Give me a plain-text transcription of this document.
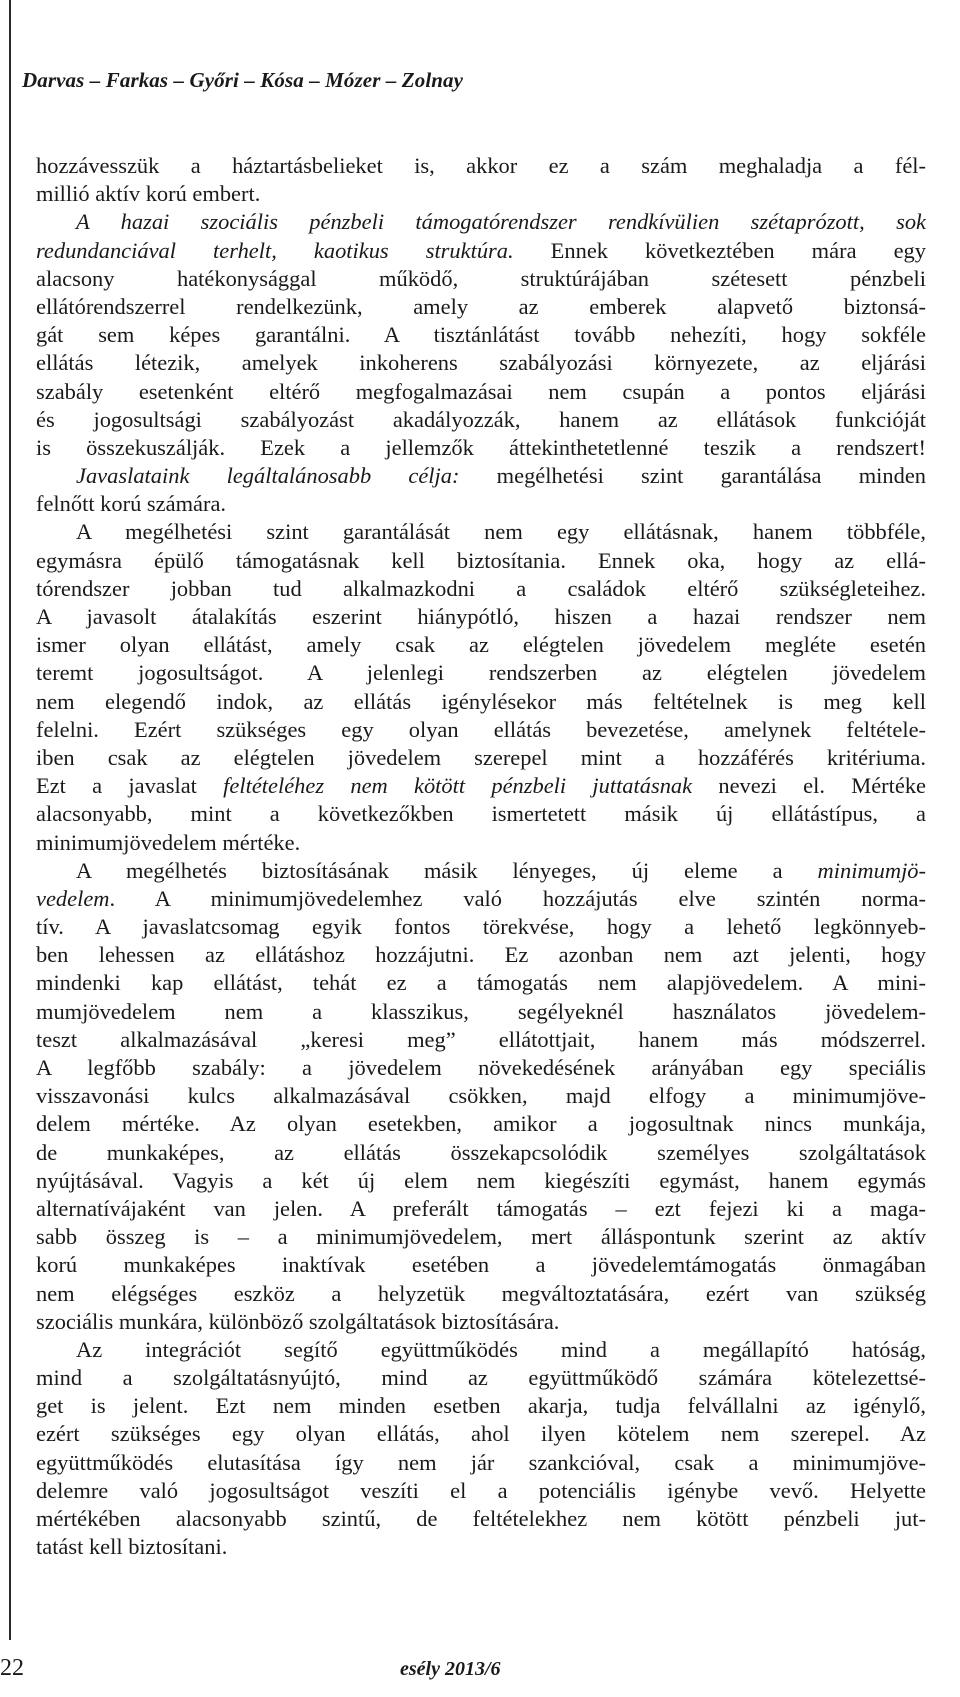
Darvas – Farkas – Győri – Kósa – Mózer – Zolnay
hozzávesszük a háztartásbelieket is, akkor ez a szám meghaladja a fél-
millió aktív korú embert.
A hazai szociális pénzbeli támogatórendszer rendkívülien szétaprózott, sok
redundanciával terhelt, kaotikus struktúra. Ennek következtében mára egy
alacsony hatékonysággal működő, struktúrájában szétesett pénzbeli
ellátórendszerrel rendelkezünk, amely az emberek alapvető biztonsá-
gát sem képes garantálni. A tisztánlátást tovább nehezíti, hogy sokféle
ellátás létezik, amelyek inkoherens szabályozási környezete, az eljárási
szabály esetenként eltérő megfogalmazásai nem csupán a pontos eljárási
és jogosultsági szabályozást akadályozzák, hanem az ellátások funkcióját
is összekuszálják. Ezek a jellemzők áttekinthetetlenné teszik a rendszert!
Javaslataink legáltalánosabb célja: megélhetési szint garantálása minden
felnőtt korú számára.
A megélhetési szint garantálását nem egy ellátásnak, hanem többféle,
egymásra épülő támogatásnak kell biztosítania. Ennek oka, hogy az ellá-
tórendszer jobban tud alkalmazkodni a családok eltérő szükségleteihez.
A javasolt átalakítás eszerint hiánypótló, hiszen a hazai rendszer nem
ismer olyan ellátást, amely csak az elégtelen jövedelem megléte esetén
teremt jogosultságot. A jelenlegi rendszerben az elégtelen jövedelem
nem elegendő indok, az ellátás igénylésekor más feltételnek is meg kell
felelni. Ezért szükséges egy olyan ellátás bevezetése, amelynek feltétele-
iben csak az elégtelen jövedelem szerepel mint a hozzáférés kritériuma.
Ezt a javaslat feltételéhez nem kötött pénzbeli juttatásnak nevezi el. Mértéke
alacsonyabb, mint a következőkben ismertetett másik új ellátástípus, a
minimumjövedelem mértéke.
A megélhetés biztosításának másik lényeges, új eleme a minimumjö-
vedelem. A minimumjövedelemhez való hozzájutás elve szintén norma-
tív. A javaslatcsomag egyik fontos törekvése, hogy a lehető legkönnyeb-
ben lehessen az ellátáshoz hozzájutni. Ez azonban nem azt jelenti, hogy
mindenki kap ellátást, tehát ez a támogatás nem alapjövedelem. A mini-
mumjövedelem nem a klasszikus, segélyeknél használatos jövedelem-
teszt alkalmazásával „keresi meg” ellátottjait, hanem más módszerrel.
A legfőbb szabály: a jövedelem növekedésének arányában egy speciális
visszavonási kulcs alkalmazásával csökken, majd elfogy a minimumjöve-
delem mértéke. Az olyan esetekben, amikor a jogosultnak nincs munkája,
de munkaképes, az ellátás összekapcsolódik személyes szolgáltatások
nyújtásával. Vagyis a két új elem nem kiegészíti egymást, hanem egymás
alternatívájaként van jelen. A preferált támogatás – ezt fejezi ki a maga-
sabb összeg is – a minimumjövedelem, mert álláspontunk szerint az aktív
korú munkaképes inaktívak esetében a jövedelemtámogatás önmagában
nem elégséges eszköz a helyzetük megváltoztatására, ezért van szükség
szociális munkára, különböző szolgáltatások biztosítására.
Az integrációt segítő együttműködés mind a megállapító hatóság,
mind a szolgáltatásnyújtó, mind az együttműködő számára kötelezettsé-
get is jelent. Ezt nem minden esetben akarja, tudja felvállalni az igénylő,
ezért szükséges egy olyan ellátás, ahol ilyen kötelem nem szerepel. Az
együttműködés elutasítása így nem jár szankcióval, csak a minimumjöve-
delemre való jogosultságot veszíti el a potenciális igénybe vevő. Helyette
mértékében alacsonyabb szintű, de feltételekhez nem kötött pénzbeli jut-
tatást kell biztosítani.
22	esély 2013/6
